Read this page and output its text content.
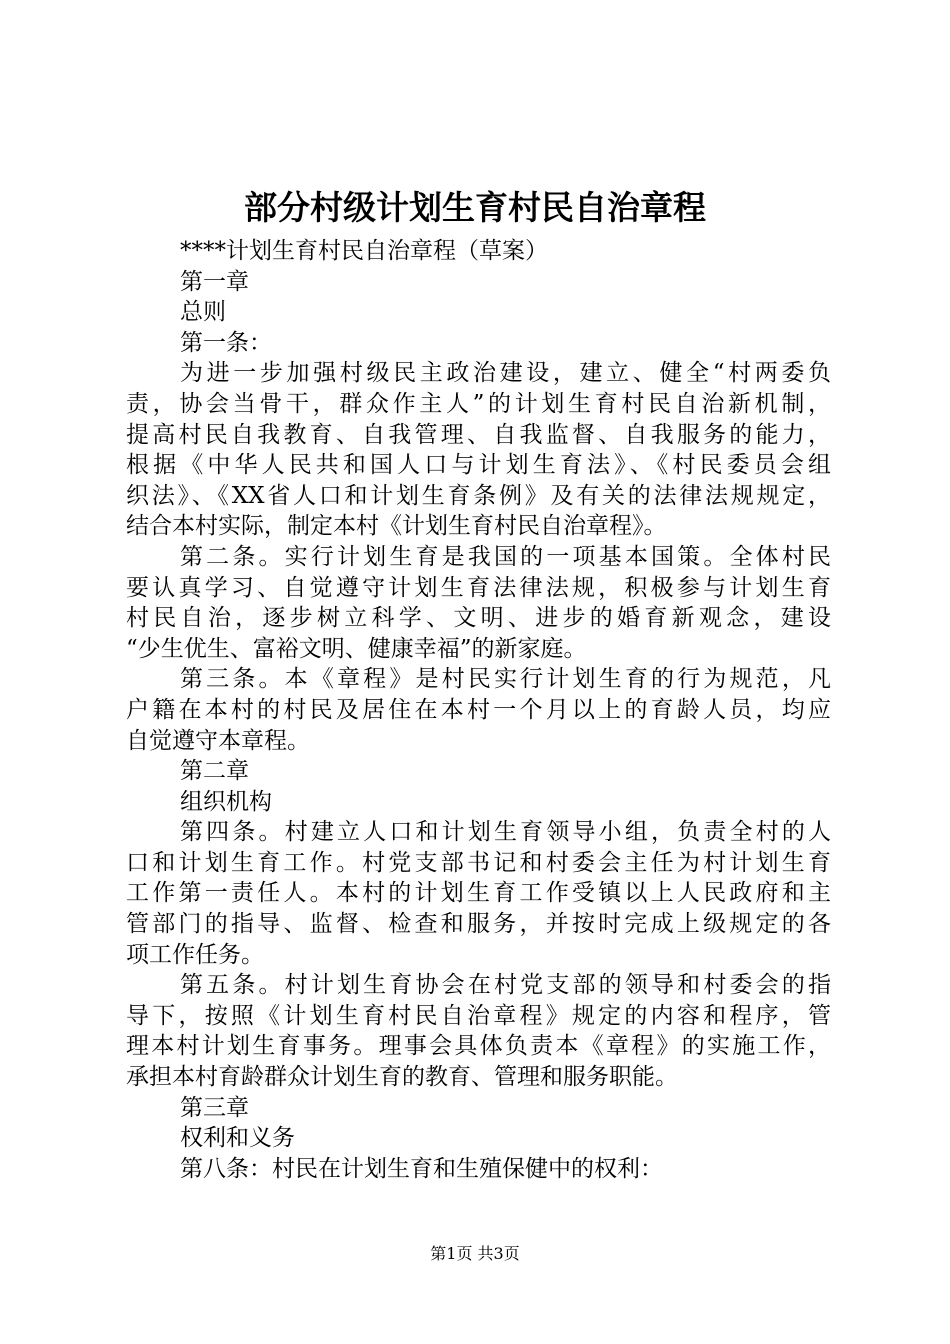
部分村级计划生育村民自治章程

****计划生育村民自治章程（草案）

第一章

总则

第一条：

为进一步加强村级民主政治建设，建立、健全“村两委负

责，协会当骨干，群众作主人”的计划生育村民自治新机制，

提高村民自我教育、自我管理、自我监督、自我服务的能力，

根据《中华人民共和国人口与计划生育法》、《村民委员会组

织法》、《XX省人口和计划生育条例》及有关的法律法规规定，

结合本村实际，制定本村《计划生育村民自治章程》。

第二条。实行计划生育是我国的一项基本国策。全体村民

要认真学习、自觉遵守计划生育法律法规，积极参与计划生育

村民自治，逐步树立科学、文明、进步的婚育新观念，建设

“少生优生、富裕文明、健康幸福”的新家庭。

第三条。本《章程》是村民实行计划生育的行为规范，凡

户籍在本村的村民及居住在本村一个月以上的育龄人员，均应

自觉遵守本章程。

第二章

组织机构

第四条。村建立人口和计划生育领导小组，负责全村的人

口和计划生育工作。村党支部书记和村委会主任为村计划生育

工作第一责任人。本村的计划生育工作受镇以上人民政府和主

管部门的指导、监督、检查和服务，并按时完成上级规定的各

项工作任务。

第五条。村计划生育协会在村党支部的领导和村委会的指

导下，按照《计划生育村民自治章程》规定的内容和程序，管

理本村计划生育事务。理事会具体负责本《章程》的实施工作，

承担本村育龄群众计划生育的教育、管理和服务职能。

第三章

权利和义务

第八条：村民在计划生育和生殖保健中的权利：

第1页 共3页
